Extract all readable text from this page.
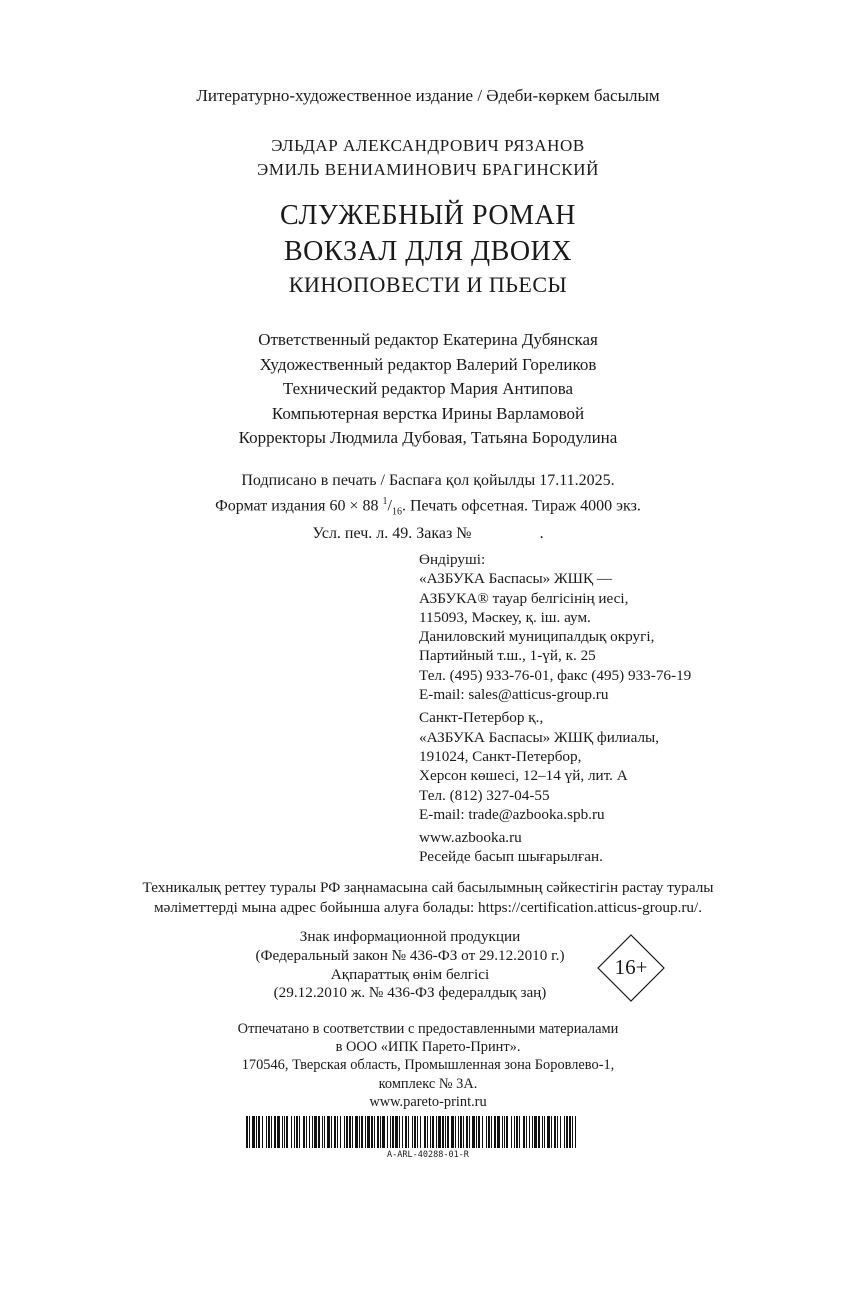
Литературно-художественное издание / Әдеби-көркем басылым
ЭЛЬДАР АЛЕКСАНДРОВИЧ РЯЗАНОВ
ЭМИЛЬ ВЕНИАМИНОВИЧ БРАГИНСКИЙ
СЛУЖЕБНЫЙ РОМАН
ВОКЗАЛ ДЛЯ ДВОИХ
КИНОПОВЕСТИ И ПЬЕСЫ
Ответственный редактор Екатерина Дубянская
Художественный редактор Валерий Гореликов
Технический редактор Мария Антипова
Компьютерная верстка Ирины Варламовой
Корректоры Людмила Дубовая, Татьяна Бородулина
Подписано в печать / Баспаға қол қойылды 17.11.2025.
Формат издания 60 × 88 $^1/_{16}$. Печать офсетная. Тираж 4000 экз.
Усл. печ. л. 49. Заказ №                 .
Өндіруші:
«АЗБУКА Баспасы» ЖШҚ —
АЗБУКА® тауар белгісінің иесі,
115093, Мәскеу, қ. іш. аум.
Даниловский муниципалдық округі,
Партийный т.ш., 1-үй, к. 25
Тел. (495) 933-76-01, факс (495) 933-76-19
E-mail: sales@atticus-group.ru
Санкт-Петербор қ.,
«АЗБУКА Баспасы» ЖШҚ филиалы,
191024, Санкт-Петербор,
Херсон көшесі, 12–14 үй, лит. А
Тел. (812) 327-04-55
E-mail: trade@azbooka.spb.ru
www.azbooka.ru
Ресейде басып шығарылған.
Техникалық реттеу туралы РФ заңнамасына сай басылымның сәйкестігін растау туралы
мәліметтерді мына адрес бойынша алуға болады: https://certification.atticus-group.ru/.
Знак информационной продукции
(Федеральный закон № 436-ФЗ от 29.12.2010 г.)
Ақпараттық өнім белгісі
(29.12.2010 ж. № 436-ФЗ федералдық заң)
16+
Отпечатано в соответствии с предоставленными материалами
в ООО «ИПК Парето-Принт».
170546, Тверская область, Промышленная зона Боровлево-1,
комплекс № 3А.
www.pareto-print.ru
A-ARL-40288-01-R
